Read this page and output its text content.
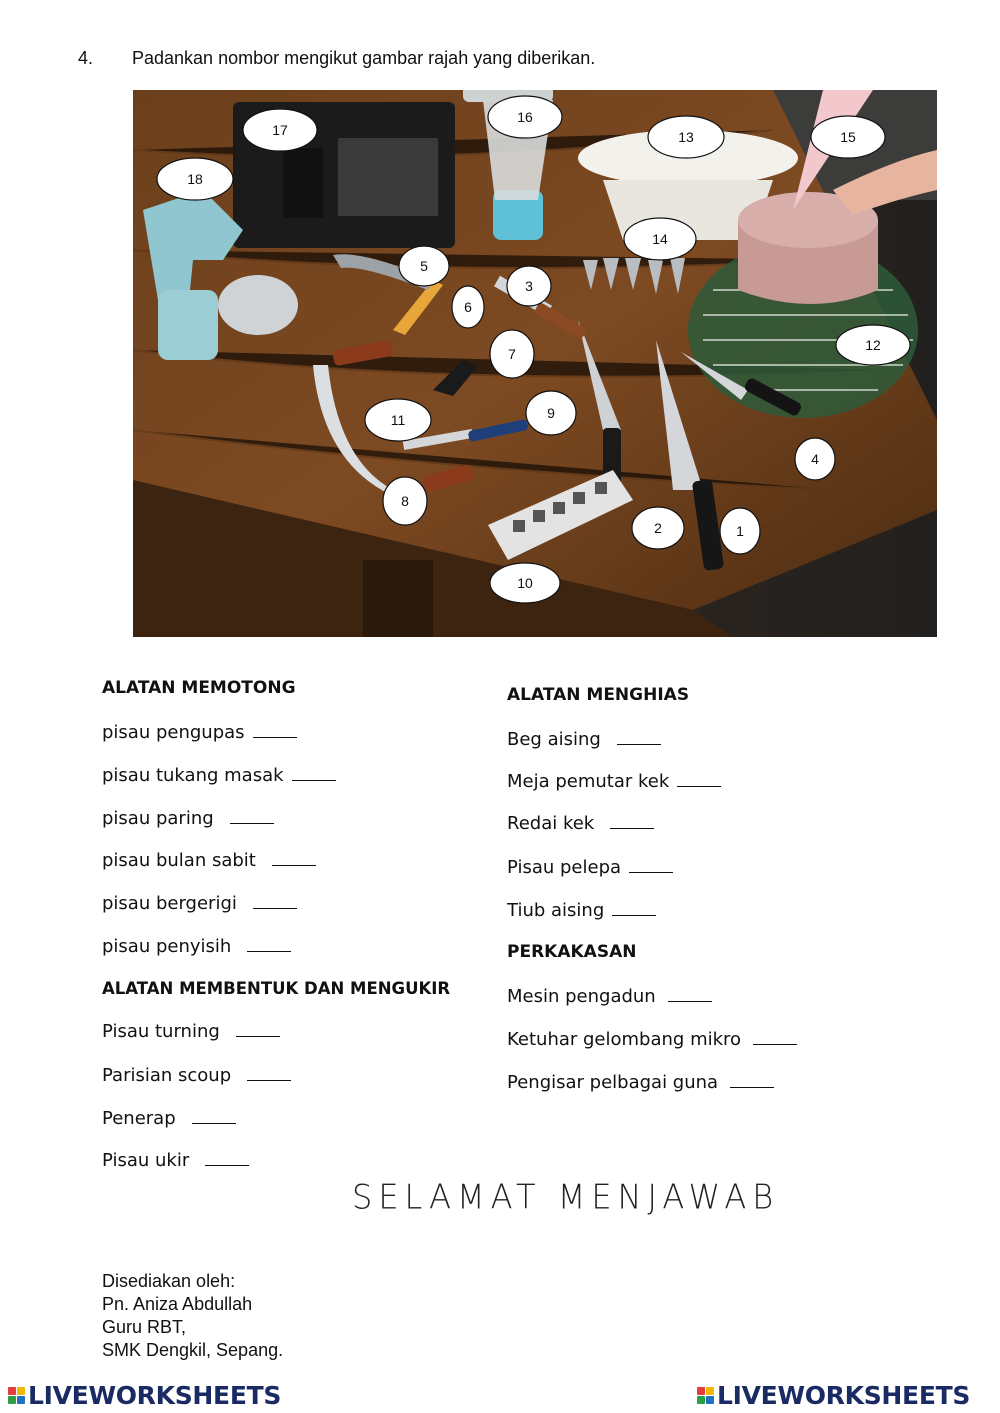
4. Padankan nombor mengikut gambar rajah yang diberikan.
1
2
3
4
5
6
7
8
9
10
11
12
13
14
15
16
17
18
ALATAN MEMOTONG
pisau pengupas
pisau tukang masak
pisau paring
pisau bulan sabit
pisau bergerigi
pisau penyisih
ALATAN MEMBENTUK DAN MENGUKIR
Pisau turning
Parisian scoup
Penerap
Pisau ukir
ALATAN MENGHIAS
Beg aising
Meja pemutar kek
Redai kek
Pisau pelepa
Tiub aising
PERKAKASAN
Mesin pengadun
Ketuhar gelombang mikro
Pengisar pelbagai guna
SELAMAT MENJAWAB
Disediakan oleh:
Pn. Aniza Abdullah
Guru RBT,
SMK Dengkil, Sepang.
LIVEWORKSHEETS	LIVEWORKSHEETS
